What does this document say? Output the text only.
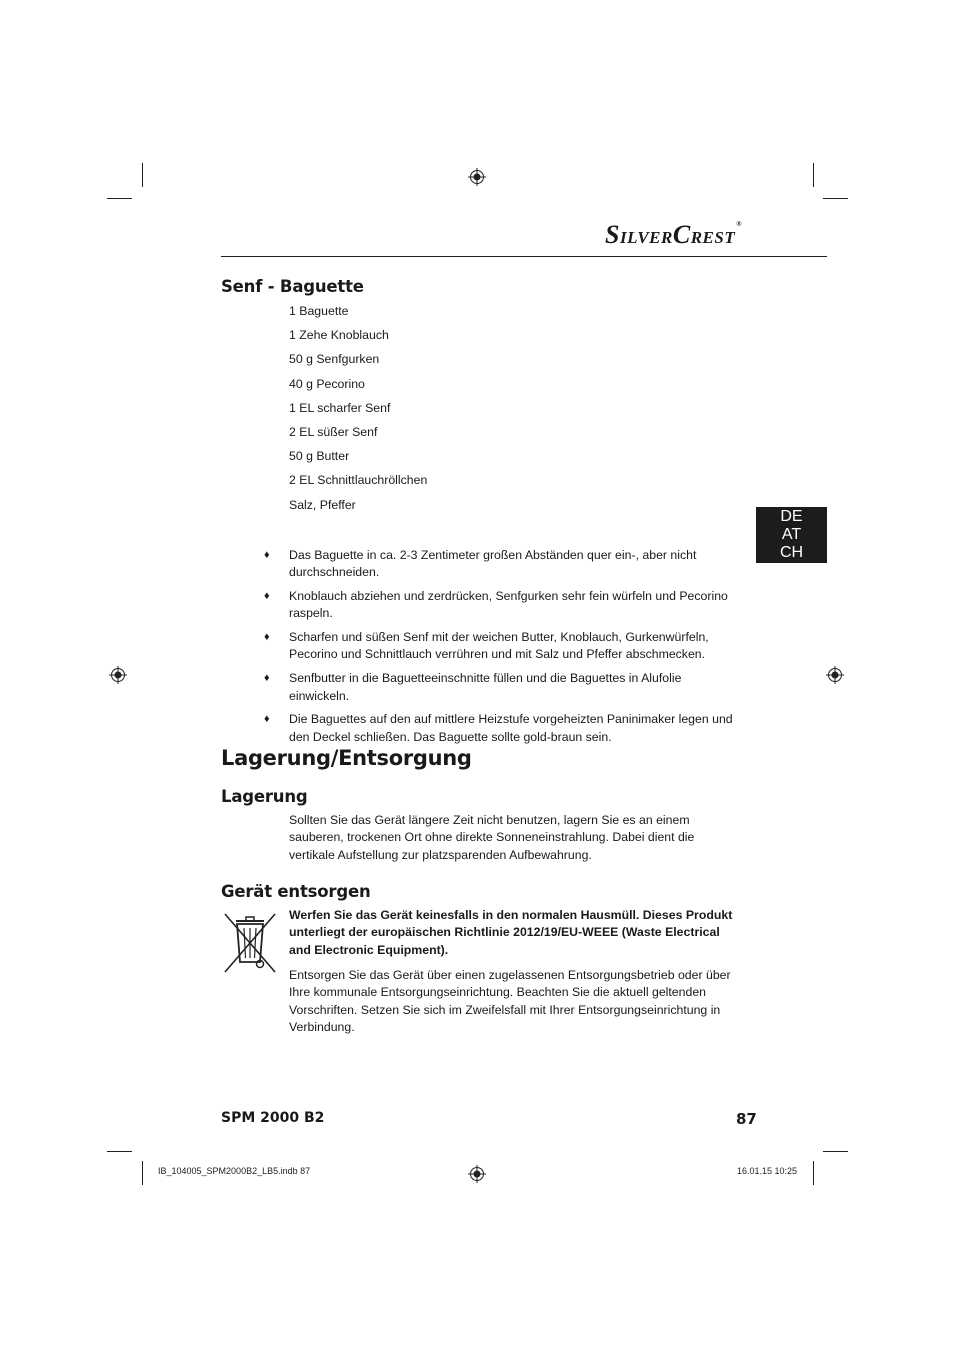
SILVERCREST®
DE
AT
CH
Senf - Baguette
1 Baguette
1 Zehe Knoblauch
50 g Senfgurken
40 g Pecorino
1 EL scharfer Senf
2 EL süßer Senf
50 g Butter
2 EL Schnittlauchröllchen
Salz, Pfeffer
♦ Das Baguette in ca. 2-3 Zentimeter großen Abständen quer ein-, aber nicht durchschneiden.
♦ Knoblauch abziehen und zerdrücken, Senfgurken sehr fein würfeln und Pecorino raspeln.
♦ Scharfen und süßen Senf mit der weichen Butter, Knoblauch, Gurkenwürfeln, Pecorino und Schnittlauch verrühren und mit Salz und Pfeffer abschmecken.
♦ Senfbutter in die Baguetteeinschnitte füllen und die Baguettes in Alufolie einwickeln.
♦ Die Baguettes auf den auf mittlere Heizstufe vorgeheizten Paninimaker legen und den Deckel schließen. Das Baguette sollte gold-braun sein.
Lagerung/Entsorgung
Lagerung

Sollten Sie das Gerät längere Zeit nicht benutzen, lagern Sie es an einem sauberen, trockenen Ort ohne direkte Sonneneinstrahlung. Dabei dient die vertikale Aufstellung zur platzsparenden Aufbewahrung.

Gerät entsorgen

Werfen Sie das Gerät keinesfalls in den normalen Hausmüll. Dieses Produkt unterliegt der europäischen Richtlinie 2012/19/EU-WEEE (Waste Electrical and Electronic Equipment).

Entsorgen Sie das Gerät über einen zugelassenen Entsorgungsbetrieb oder über Ihre kommunale Entsorgungseinrichtung. Beachten Sie die aktuell geltenden Vorschriften. Setzen Sie sich im Zweifelsfall mit Ihrer Entsorgungseinrichtung in Verbindung.

SPM 2000 B2	87
IB_104005_SPM2000B2_LB5.indb 87	16.01.15 10:25
